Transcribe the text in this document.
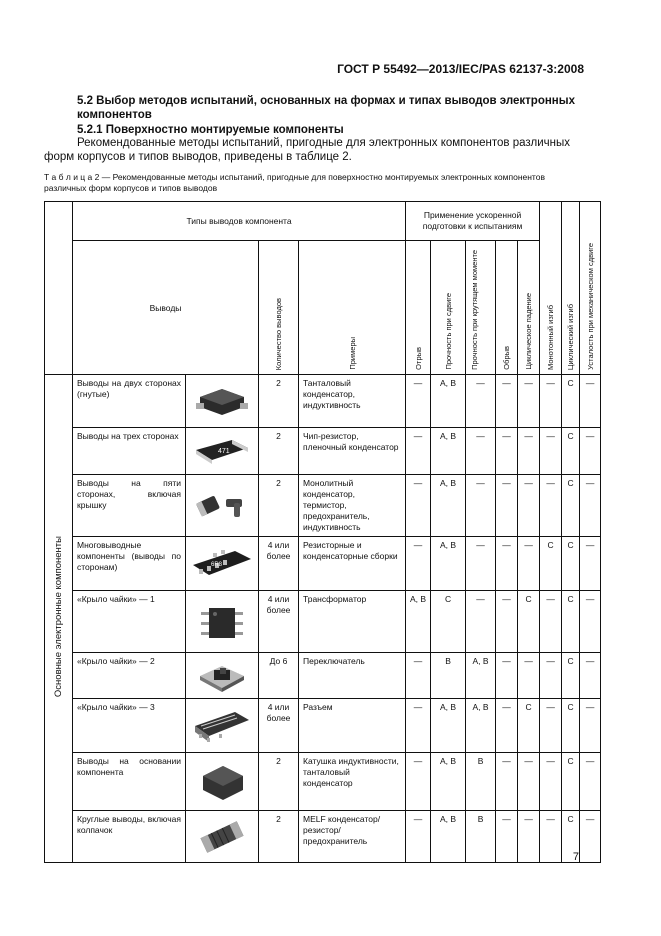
ГОСТ Р 55492—2013/IEC/PAS 62137-3:2008
5.2 Выбор методов испытаний, основанных на формах и типах выводов электронных компонентов
5.2.1 Поверхностно монтируемые компоненты
Рекомендованные методы испытаний, пригодные для электронных компонентов различных форм корпусов и типов выводов, приведены в таблице 2.
Т а б л и ц а 2 — Рекомендованные методы испытаний, пригодные для поверхностно монтируемых электронных компонентов различных форм корпусов и типов выводов
	Типы выводов компонента				Применение ускоренной подготовки к испытаниям					Монотонный изгиб	Циклический изгиб	Усталость при механическом сдвиге

	Выводы		Количество выводов	Примеры	Отрыв	Прочность при сдвиге	Прочность при крутящем моменте	Обрыв	Циклическое падение			

Основные электронные компоненты	Выводы на двух сторонах (гнутые)		2	Танталовый конденсатор, индуктивность	—	A, B	—	—	—	—	C	—
	Выводы на трех сторонах	471	2	Чип-резистор, пленочный конденсатор	—	A, B	—	—	—	—	C	—
	Выводы на пяти сторонах, включая крышку		2	Монолитный конденсатор, термистор, предохранитель, индуктивность	—	A, B	—	—	—	—	C	—
	Многовыводные компоненты (выводы по сторонам)	6R8	4 или более	Резисторные и конденсаторные сборки	—	A, B	—	—	—	C	C	—
	«Крыло чайки» — 1		4 или более	Трансформатор	A, B	C	—	—	C	—	C	—
	«Крыло чайки» — 2		До 6	Переключатель	—	B	A, B	—	—	—	C	—
	«Крыло чайки» — 3		4 или более	Разъем	—	A, B	A, B	—	C	—	C	—
	Выводы на основании компонента		2	Катушка индуктивности, танталовый конденсатор	—	A, B	B	—	—	—	C	—
	Круглые выводы, включая колпачок		2	MELF конденсатор/резистор/предохранитель	—	A, B	B	—	—	—	C	—
7
